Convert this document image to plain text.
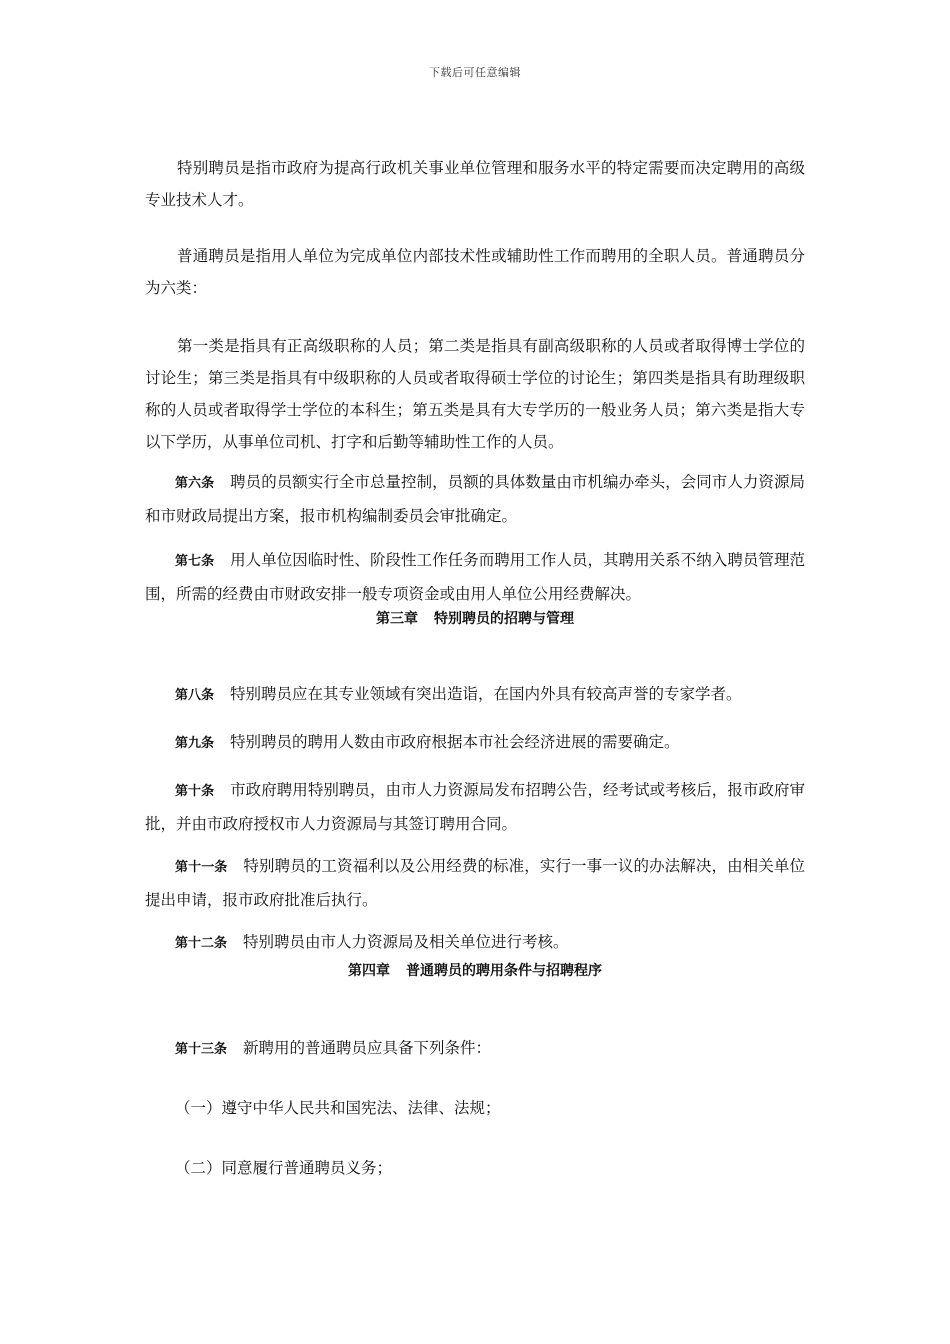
下载后可任意编辑

特别聘员是指市政府为提高行政机关事业单位管理和服务水平的特定需要而决定聘用的高级专业技术人才。

普通聘员是指用人单位为完成单位内部技术性或辅助性工作而聘用的全职人员。普通聘员分为六类：

第一类是指具有正高级职称的人员；第二类是指具有副高级职称的人员或者取得博士学位的讨论生；第三类是指具有中级职称的人员或者取得硕士学位的讨论生；第四类是指具有助理级职称的人员或者取得学士学位的本科生；第五类是具有大专学历的一般业务人员；第六类是指大专以下学历，从事单位司机、打字和后勤等辅助性工作的人员。

第六条 聘员的员额实行全市总量控制，员额的具体数量由市机编办牵头，会同市人力资源局和市财政局提出方案，报市机构编制委员会审批确定。

第七条 用人单位因临时性、阶段性工作任务而聘用工作人员，其聘用关系不纳入聘员管理范围，所需的经费由市财政安排一般专项资金或由用人单位公用经费解决。

第三章 特别聘员的招聘与管理

第八条 特别聘员应在其专业领域有突出造诣，在国内外具有较高声誉的专家学者。

第九条 特别聘员的聘用人数由市政府根据本市社会经济进展的需要确定。

第十条 市政府聘用特别聘员，由市人力资源局发布招聘公告，经考试或考核后，报市政府审批，并由市政府授权市人力资源局与其签订聘用合同。

第十一条 特别聘员的工资福利以及公用经费的标准，实行一事一议的办法解决，由相关单位提出申请，报市政府批准后执行。

第十二条 特别聘员由市人力资源局及相关单位进行考核。

第四章 普通聘员的聘用条件与招聘程序

第十三条 新聘用的普通聘员应具备下列条件：

（一）遵守中华人民共和国宪法、法律、法规；

（二）同意履行普通聘员义务；
